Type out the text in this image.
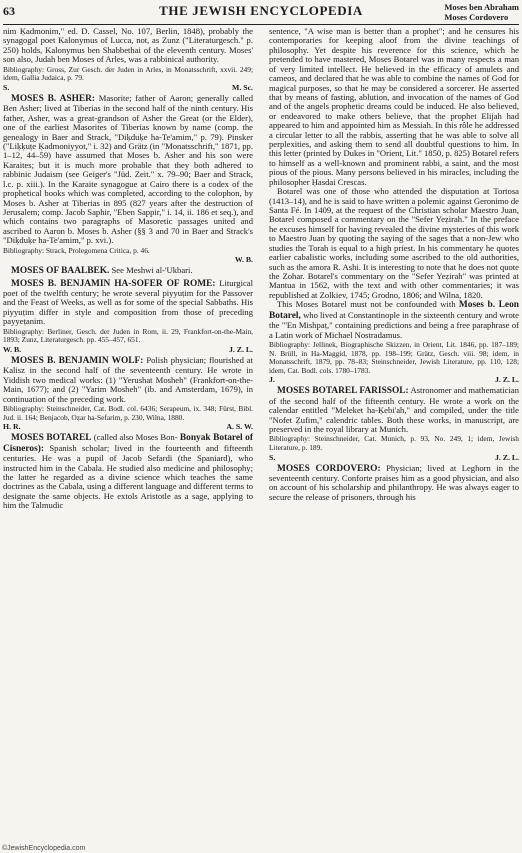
63	THE JEWISH ENCYCLOPEDIA	Moses ben Abraham
Moses Cordovero

nim Ḳadmonim," ed. D. Cassel, No. 107, Berlin, 1848), probably the synagogal poet Kalonymus of Lucca, not, as Zunz ("Literaturgesch." p. 250) holds, Kalonymus ben Shabbethai of the eleventh century. Moses' son also, Judah ben Moses of Arles, was a rabbinical authority.

Bibliography: Gross, Zur Gesch. der Juden in Arles, in Monatsschrift, xxvii. 249; idem, Gallia Judaica, p. 79.

S.	M. Sc.

MOSES B. ASHER: Masorite; father of Aaron; generally called Ben Asher; lived at Tiberias in the second half of the ninth century. His father, Asher, was a great-grandson of Asher the Great (or the Elder), one of the earliest Masorites of Tiberias known by name (comp. the genealogy in Baer and Strack, "Diḳduḳe ha-Te'amim," p. 79). Pinsker ("Liḳḳuṭe Ḳadmoniyyot," i. 32) and Grätz (in "Monatsschrift," 1871, pp. 1–12, 44–59) have assumed that Moses b. Asher and his son were Karaites; but it is much more probable that they both adhered to rabbinic Judaism (see Geiger's "Jüd. Zeit." x. 79–90; Baer and Strack, l.c. p. xiii.). In the Karaite synagogue at Cairo there is a codex of the prophetical books which was completed, according to the colophon, by Moses b. Asher at Tiberias in 895 (827 years after the destruction of Jerusalem; comp. Jacob Saphir, "Eben Sappir," i. 14, ii. 186 et seq.), and which contains two paragraphs of Masoretic passages united and ascribed to Aaron b. Moses b. Asher (§§ 3 and 70 in Baer and Strack's "Diḳduḳe ha-Te'amim," p. xvi.).

Bibliography: Strack, Prolegomena Critica, p. 46.

W. B.

MOSES OF BAALBEK. See Meshwi al-'Ukbari.

MOSES B. BENJAMIN HA-SOFER OF ROME: Liturgical poet of the twelfth century; he wrote several piyyuṭim for the Passover and the Feast of Weeks, as well as for some of the special Sabbaths. His piyyuṭim differ in style and composition from those of preceding payyeṭanim.

Bibliography: Berliner, Gesch. der Juden in Rom, ii. 29, Frankfort-on-the-Main, 1893; Zunz, Literaturgesch. pp. 455–457, 651.

W. B.	J. Z. L.

MOSES B. BENJAMIN WOLF: Polish physician; flourished at Kalisz in the second half of the seventeenth century. He wrote in Yiddish two medical works: (1) "Yerushat Mosheh" (Frankfort-on-the-Main, 1677); and (2) "Yarim Mosheh" (ib. and Amsterdam, 1679), in continuation of the preceding work.

Bibliography: Steinschneider, Cat. Bodl. col. 6436; Serapeum, ix. 348; Fürst, Bibl. Jud. ii. 164; Benjacob, Oẓar ha-Sefarim, p. 230, Wilna, 1880.

H. R.	A. S. W.

MOSES BOTAREL (called also Moses Bon- Bonyak Botarel of Cisneros): Spanish scholar; lived in the fourteenth and fifteenth centuries. He was a pupil of Jacob Sefardi (the Spaniard), who instructed him in the Cabala. He studied also medicine and philosophy; the latter he regarded as a divine science which teaches the same doctrines as the Cabala, using a different language and different terms to designate the same objects. He extols Aristotle as a sage, applying to him the Talmudic

sentence, "A wise man is better than a prophet"; and he censures his contemporaries for keeping aloof from the divine teachings of philosophy. Yet despite his reverence for this science, which he pretended to have mastered, Moses Botarel was in many respects a man of very limited intellect. He believed in the efficacy of amulets and cameos, and declared that he was able to combine the names of God for magical purposes, so that he may be considered a sorcerer. He asserted that by means of fasting, ablution, and invocation of the names of God and of the angels prophetic dreams could be induced. He also believed, or endeavored to make others believe, that the prophet Elijah had appeared to him and appointed him as Messiah. In this rôle he addressed a circular letter to all the rabbis, asserting that he was able to solve all perplexities, and asking them to send all doubtful questions to him. In this letter (printed by Dukes in "Orient, Lit." 1850, p. 825) Botarel refers to himself as a well-known and prominent rabbi, a saint, and the most pious of the pious. Many persons believed in his miracles, including the philosopher Ḥasdai Crescas.

Botarel was one of those who attended the disputation at Tortosa (1413–14), and he is said to have written a polemic against Geronimo de Santa Fé. In 1409, at the request of the Christian scholar Maestro Juan, Botarel composed a commentary on the "Sefer Yeẓirah." In the preface he excuses himself for having revealed the divine mysteries of this work to Maestro Juan by quoting the saying of the sages that a non-Jew who studies the Torah is equal to a high priest. In his commentary he quotes earlier cabalistic works, including some ascribed to the old authorities, such as the amora R. Ashi. It is interesting to note that he does not quote the Zohar. Botarel's commentary on the "Sefer Yeẓirah" was printed at Mantua in 1562, with the text and with other commentaries; it was republished at Zolkiev, 1745; Grodno, 1806; and Wilna, 1820.

This Moses Botarel must not be confounded with Moses b. Leon Botarel, who lived at Constantinople in the sixteenth century and wrote the "'En Mishpaṭ," containing predictions and being a free paraphrase of a Latin work of Michael Nostradamus.

Bibliography: Jellinek, Biographische Skizzen, in Orient, Lit. 1846, pp. 187–189; N. Brüll, in Ha-Maggid, 1878, pp. 198–199; Grätz, Gesch. viii. 98; idem, in Monatsschrift, 1879, pp. 78–83; Steinschneider, Jewish Literature, pp. 110, 128; idem, Cat. Bodl. cols. 1780–1783.

J.	J. Z. L.

MOSES BOTAREL FARISSOL: Astronomer and mathematician of the second half of the fifteenth century. He wrote a work on the calendar entitled "Meleket ha-Ḳebi'ah," and compiled, under the title "Nofet Ẓufim," calendric tables. Both these works, in manuscript, are preserved in the royal library at Munich.

Bibliography: Steinschneider, Cat. Munich, p. 93, No. 249, 1; idem, Jewish Literature, p. 189.

S.	J. Z. L.

MOSES CORDOVERO: Physician; lived at Leghorn in the seventeenth century. Conforte praises him as a good physician, and also on account of his scholarship and philanthropy. He was always eager to secure the release of prisoners, through his

©JewishEncyclopedia.com
